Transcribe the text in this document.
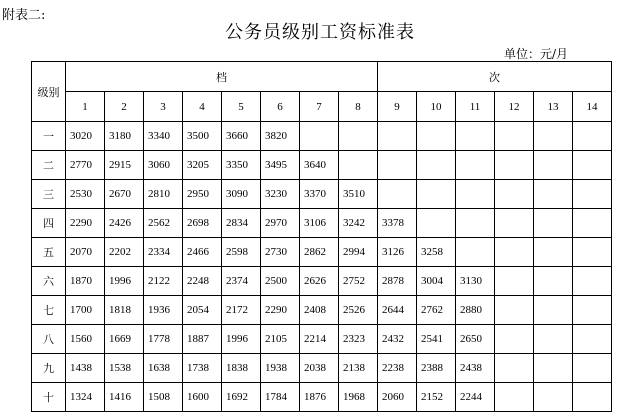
附表二:
公务员级别工资标准表
单位：元/月
级别	档								次					
	1	2	3	4	5	6	7	8	9	10	11	12	13	14
一	3020	3180	3340	3500	3660	3820								
二	2770	2915	3060	3205	3350	3495	3640							
三	2530	2670	2810	2950	3090	3230	3370	3510						
四	2290	2426	2562	2698	2834	2970	3106	3242	3378					
五	2070	2202	2334	2466	2598	2730	2862	2994	3126	3258				
六	1870	1996	2122	2248	2374	2500	2626	2752	2878	3004	3130			
七	1700	1818	1936	2054	2172	2290	2408	2526	2644	2762	2880			
八	1560	1669	1778	1887	1996	2105	2214	2323	2432	2541	2650			
九	1438	1538	1638	1738	1838	1938	2038	2138	2238	2388	2438			
十	1324	1416	1508	1600	1692	1784	1876	1968	2060	2152	2244			
